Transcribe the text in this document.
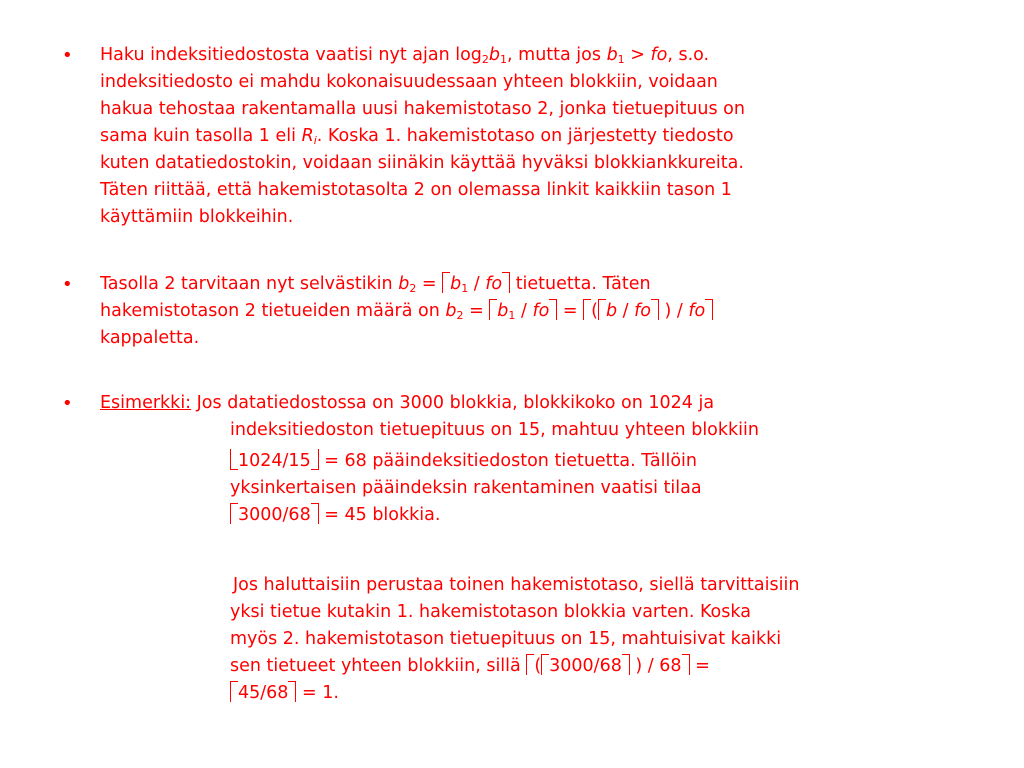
• Haku indeksitiedostosta vaatisi nyt ajan $\log_2b_1$, mutta jos $b_1$ > fo, s.o.
indeksitiedosto ei mahdu kokonaisuudessaan yhteen blokkiin, voidaan
hakua tehostaa rakentamalla uusi hakemistotaso 2, jonka tietuepituus on
sama kuin tasolla 1 eli $R_i$. Koska 1. hakemistotaso on järjestetty tiedosto
kuten datatiedostokin, voidaan siinäkin käyttää hyväksi blokkiankkureita.
Täten riittää, että hakemistotasolta 2 on olemassa linkit kaikkiin tason 1
käyttämiin blokkeihin.
• Tasolla 2 tarvitaan nyt selvästikin $b_2 = b_1$ / fo tietuetta. Täten
hakemistotason 2 tietueiden määrä on $b_2 = b_1$ / fo = ( b / fo ) / fo
kappaletta.
• Esimerkki: Jos datatiedostossa on 3000 blokkia, blokkikoko on 1024 ja
indeksitiedoston tietuepituus on 15, mahtuu yhteen blokkiin
1024/15 = 68 pääindeksitiedoston tietuetta. Tällöin
yksinkertaisen pääindeksin rakentaminen vaatisi tilaa
3000/68 = 45 blokkia.
Jos haluttaisiin perustaa toinen hakemistotaso, siellä tarvittaisiin
yksi tietue kutakin 1. hakemistotason blokkia varten. Koska
myös 2. hakemistotason tietuepituus on 15, mahtuisivat kaikki
sen tietueet yhteen blokkiin, sillä ( 3000/68 ) / 68 =
45/68 = 1.
